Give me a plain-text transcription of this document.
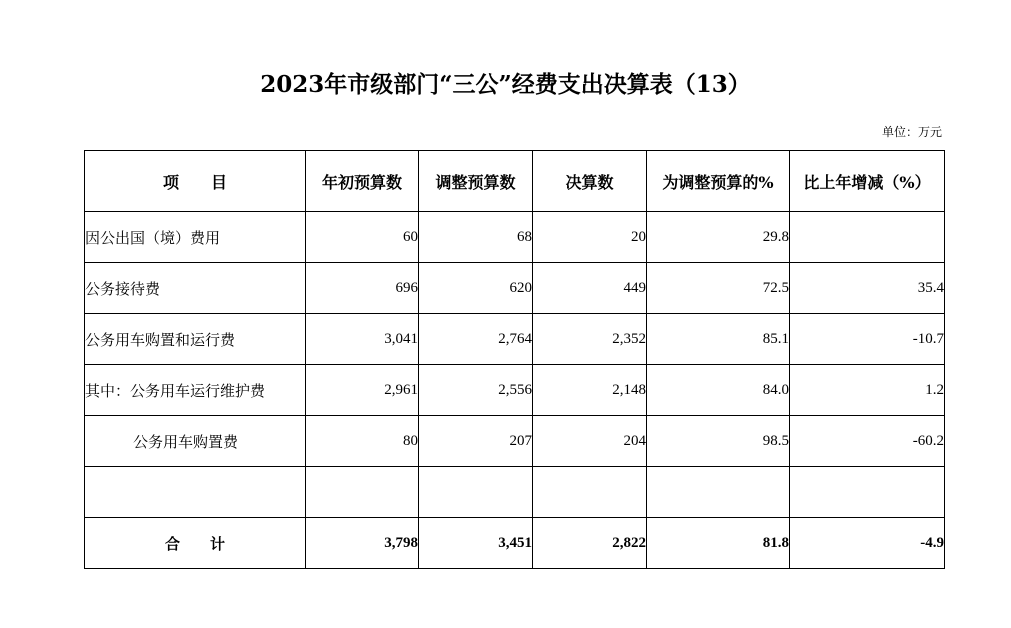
2023年市级部门“三公”经费支出决算表（13）
单位：万元
项　　目	年初预算数	调整预算数	决算数	为调整预算的%	比上年增减（%）
因公出国（境）费用	60	68	20	29.8	
公务接待费	696	620	449	72.5	35.4
公务用车购置和运行费	3,041	2,764	2,352	85.1	-10.7
其中：公务用车运行维护费	2,961	2,556	2,148	84.0	1.2
公务用车购置费	80	207	204	98.5	-60.2

合　　计	3,798	3,451	2,822	81.8	-4.9
